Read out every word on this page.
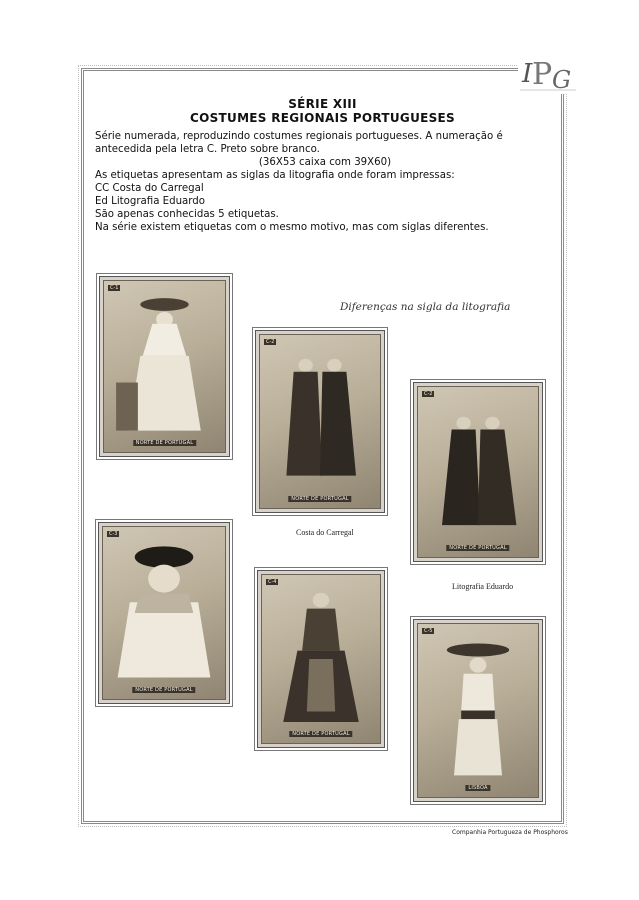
I P G
SÉRIE XIII
COSTUMES REGIONAIS PORTUGUESES

Série numerada, reproduzindo costumes regionais portugueses. A numeração é antecedida pela letra C. Preto sobre branco.

(36X53 caixa com 39X60)

As etiquetas apresentam as siglas da litografia onde foram impressas:

CC Costa do Carregal

Ed Litografia Eduardo

São apenas conhecidas 5 etiquetas.

Na série existem etiquetas com o mesmo motivo, mas com siglas diferentes.

Diferenças na sigla da litografia
C-1
NORTE DE PORTUGAL
C-2
NORTE DE PORTUGAL
C-2
NORTE DE PORTUGAL
Costa do Carregal
Litografia Eduardo
C-3
NORTE DE PORTUGAL
C-4
NORTE DE PORTUGAL
C-5
LISBOA
Companhia Portugueza de Phosphoros
